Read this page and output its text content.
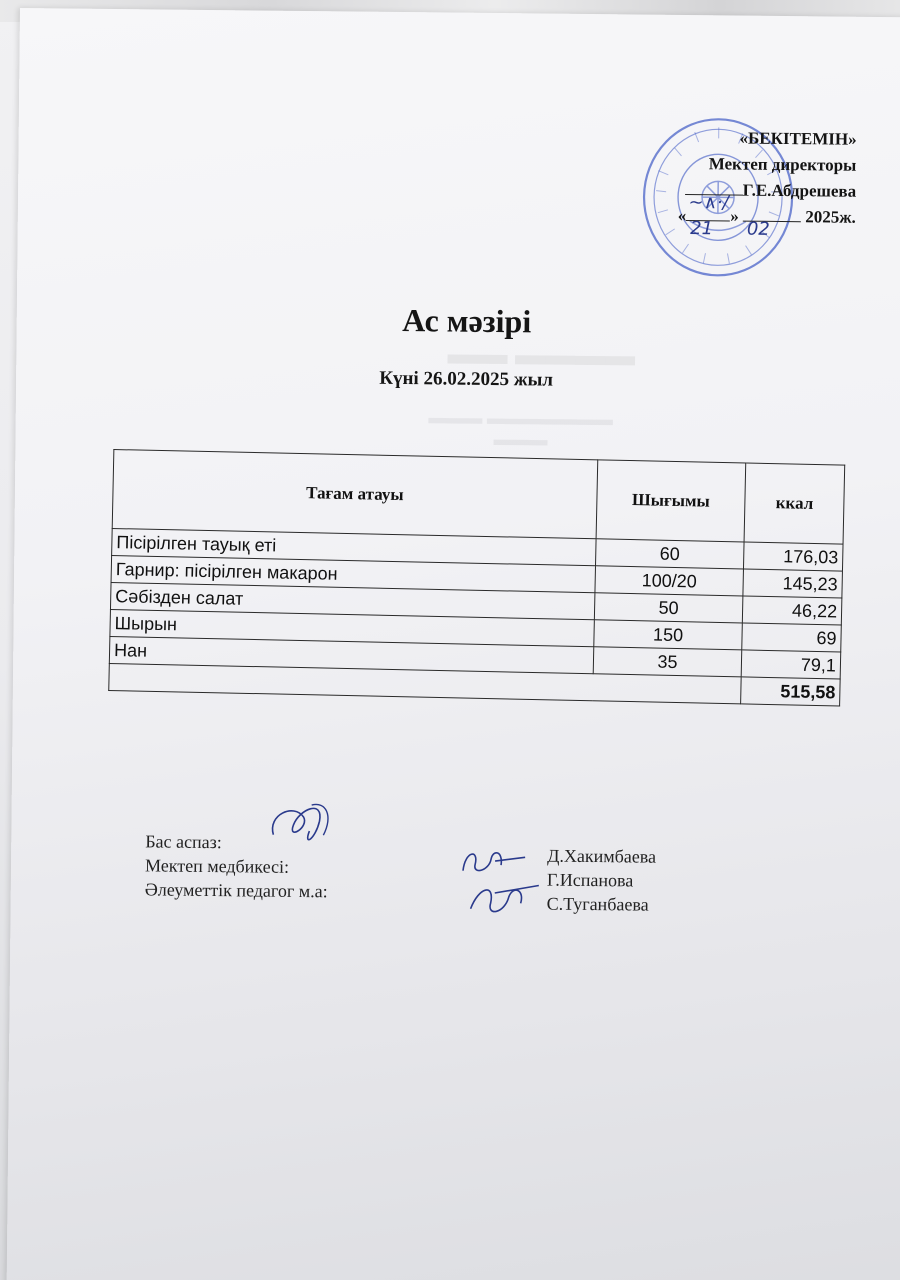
«БЕКІТЕМІН»
Мектеп директоры
~∧·∕
Г.Е.Абдрешева
«
21
»
02
2025ж.
▬▬ ▬▬▬▬
▬▬▬ ▬▬▬▬▬▬▬ ▬▬▬
Ас мәзірі
Күні 26.02.2025 жыл
Тағам атауы	Шығымы	ккал
Пісірілген тауық еті	60	176,03
Гарнир: пісірілген макарон	100/20	145,23
Сәбізден салат	50	46,22
Шырын	150	69
Нан	35	79,1
		515,58
Бас аспаз:
Мектеп медбикесі:
Әлеуметтік педагог м.а:
Д.Хакимбаева
Г.Испанова
С.Туганбаева
